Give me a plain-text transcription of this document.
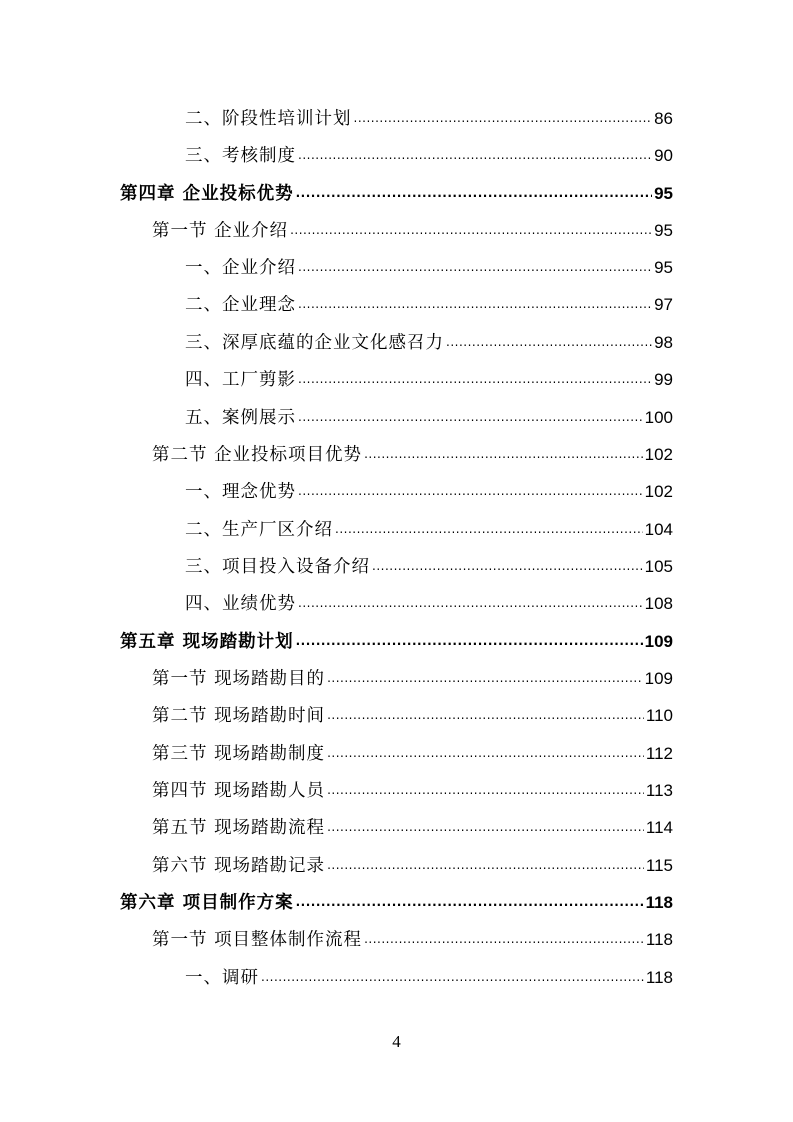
二、阶段性培训计划 .....	86
三、考核制度 .....	90
第四章 企业投标优势 .....	95
第一节 企业介绍 .....	95
一、企业介绍 .....	95
二、企业理念 .....	97
三、深厚底蕴的企业文化感召力 .....	98
四、工厂剪影 .....	99
五、案例展示 .....	100
第二节 企业投标项目优势 .....	102
一、理念优势 .....	102
二、生产厂区介绍 .....	104
三、项目投入设备介绍 .....	105
四、业绩优势 .....	108
第五章 现场踏勘计划 .....	109
第一节 现场踏勘目的 .....	109
第二节 现场踏勘时间 .....	110
第三节 现场踏勘制度 .....	112
第四节 现场踏勘人员 .....	113
第五节 现场踏勘流程 .....	114
第六节 现场踏勘记录 .....	115
第六章 项目制作方案 .....	118
第一节 项目整体制作流程 .....	118
一、调研 .....	118
4
